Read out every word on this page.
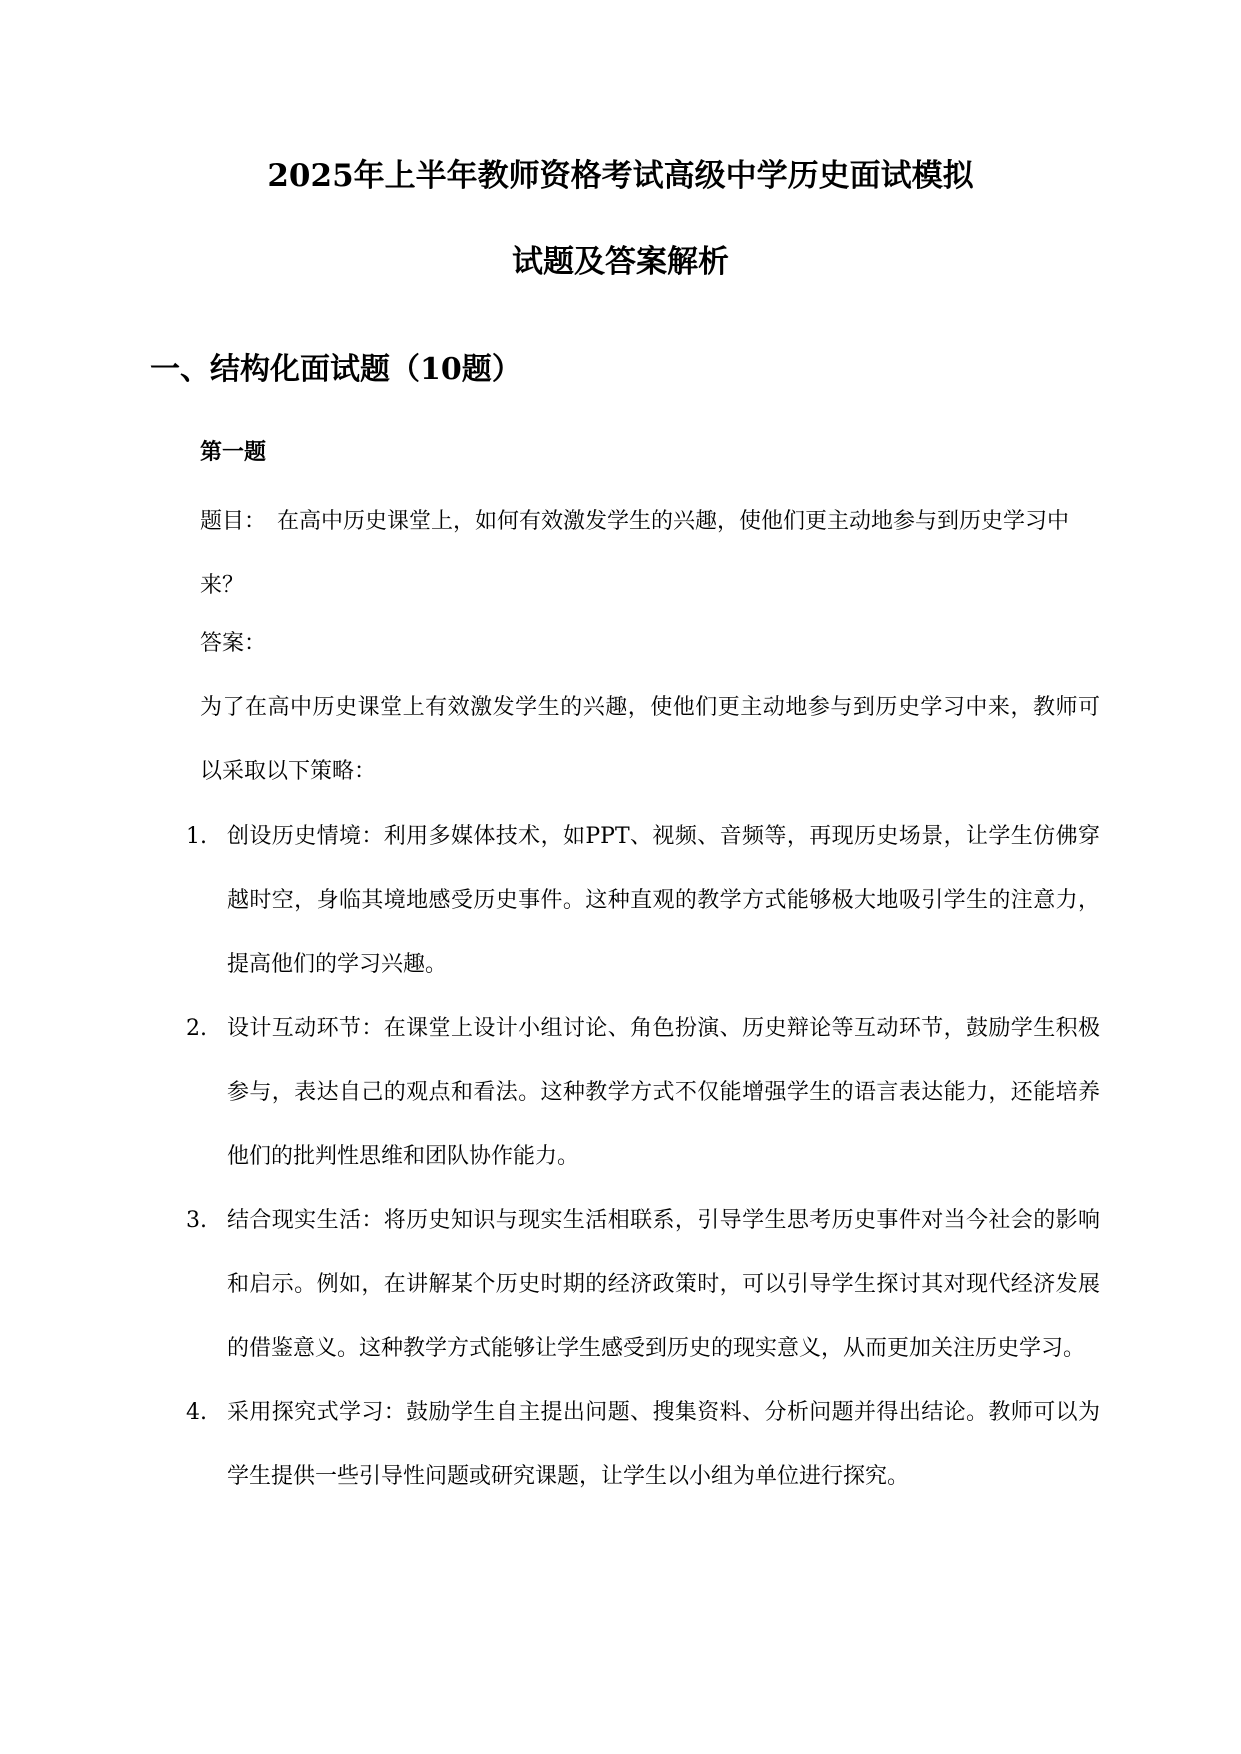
2025年上半年教师资格考试高级中学历史面试模拟
试题及答案解析
一、结构化面试题（10题）
第一题

题目：　在高中历史课堂上，如何有效激发学生的兴趣，使他们更主动地参与到历史学习中来？

答案：

为了在高中历史课堂上有效激发学生的兴趣，使他们更主动地参与到历史学习中来，教师可以采取以下策略：

1. 创设历史情境：利用多媒体技术，如PPT、视频、音频等，再现历史场景，让学生仿佛穿越时空，身临其境地感受历史事件。这种直观的教学方式能够极大地吸引学生的注意力，提高他们的学习兴趣。
2. 设计互动环节：在课堂上设计小组讨论、角色扮演、历史辩论等互动环节，鼓励学生积极参与，表达自己的观点和看法。这种教学方式不仅能增强学生的语言表达能力，还能培养他们的批判性思维和团队协作能力。
3. 结合现实生活：将历史知识与现实生活相联系，引导学生思考历史事件对当今社会的影响和启示。例如，在讲解某个历史时期的经济政策时，可以引导学生探讨其对现代经济发展的借鉴意义。这种教学方式能够让学生感受到历史的现实意义，从而更加关注历史学习。
4. 采用探究式学习：鼓励学生自主提出问题、搜集资料、分析问题并得出结论。教师可以为学生提供一些引导性问题或研究课题，让学生以小组为单位进行探究。
